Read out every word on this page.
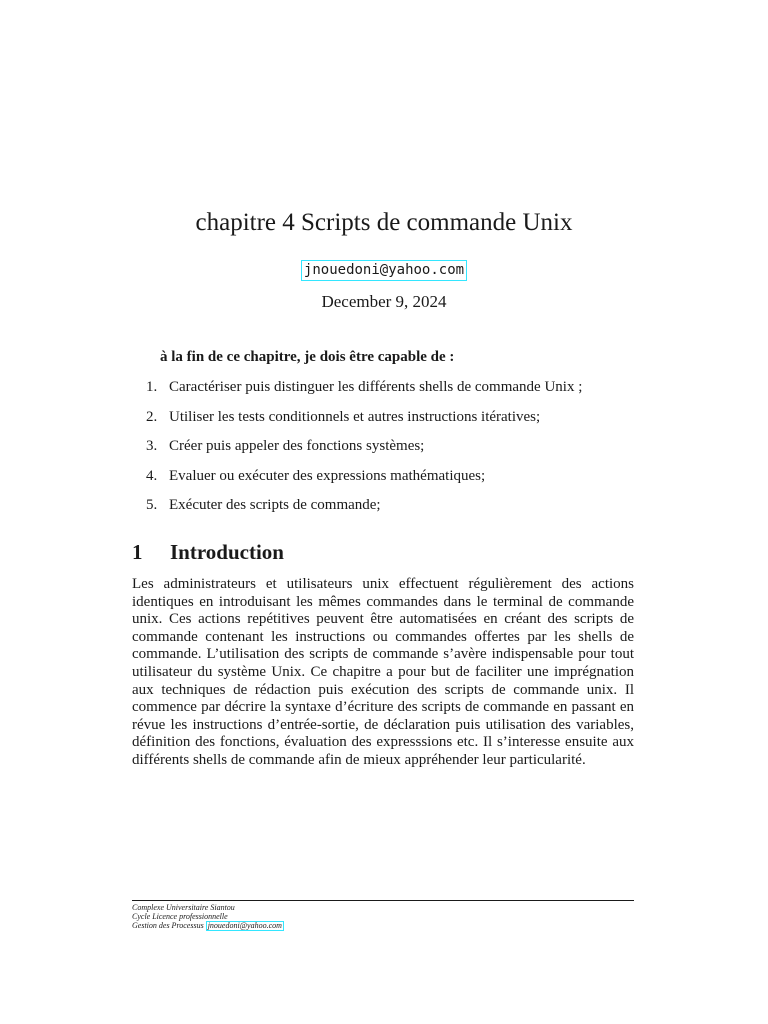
chapitre 4 Scripts de commande Unix
jnouedoni@yahoo.com
December 9, 2024
à la fin de ce chapitre, je dois être capable de :
1. Caractériser puis distinguer les différents shells de commande Unix ;
2. Utiliser les tests conditionnels et autres instructions itératives;
3. Créer puis appeler des fonctions systèmes;
4. Evaluer ou exécuter des expressions mathématiques;
5. Exécuter des scripts de commande;
1 Introduction

Les administrateurs et utilisateurs unix effectuent régulièrement des actions identiques en introduisant les mêmes commandes dans le terminal de commande unix. Ces actions repétitives peuvent être automatisées en créant des scripts de commande contenant les instructions ou commandes offertes par les shells de commande. L’utilisation des scripts de commande s’avère indispensable pour tout utilisateur du système Unix. Ce chapitre a pour but de faciliter une imprégnation aux techniques de rédaction puis exécution des scripts de commande unix. Il commence par décrire la syntaxe d’écriture des scripts de commande en passant en révue les instructions d’entrée-sortie, de déclaration puis utilisation des variables, définition des fonctions, évaluation des expresssions etc. Il s’interesse ensuite aux différents shells de commande afin de mieux appréhender leur particularité.

Complexe Universitaire Siantou
Cycle Licence professionnelle
Gestion des Processus jnouedoni@yahoo.com
